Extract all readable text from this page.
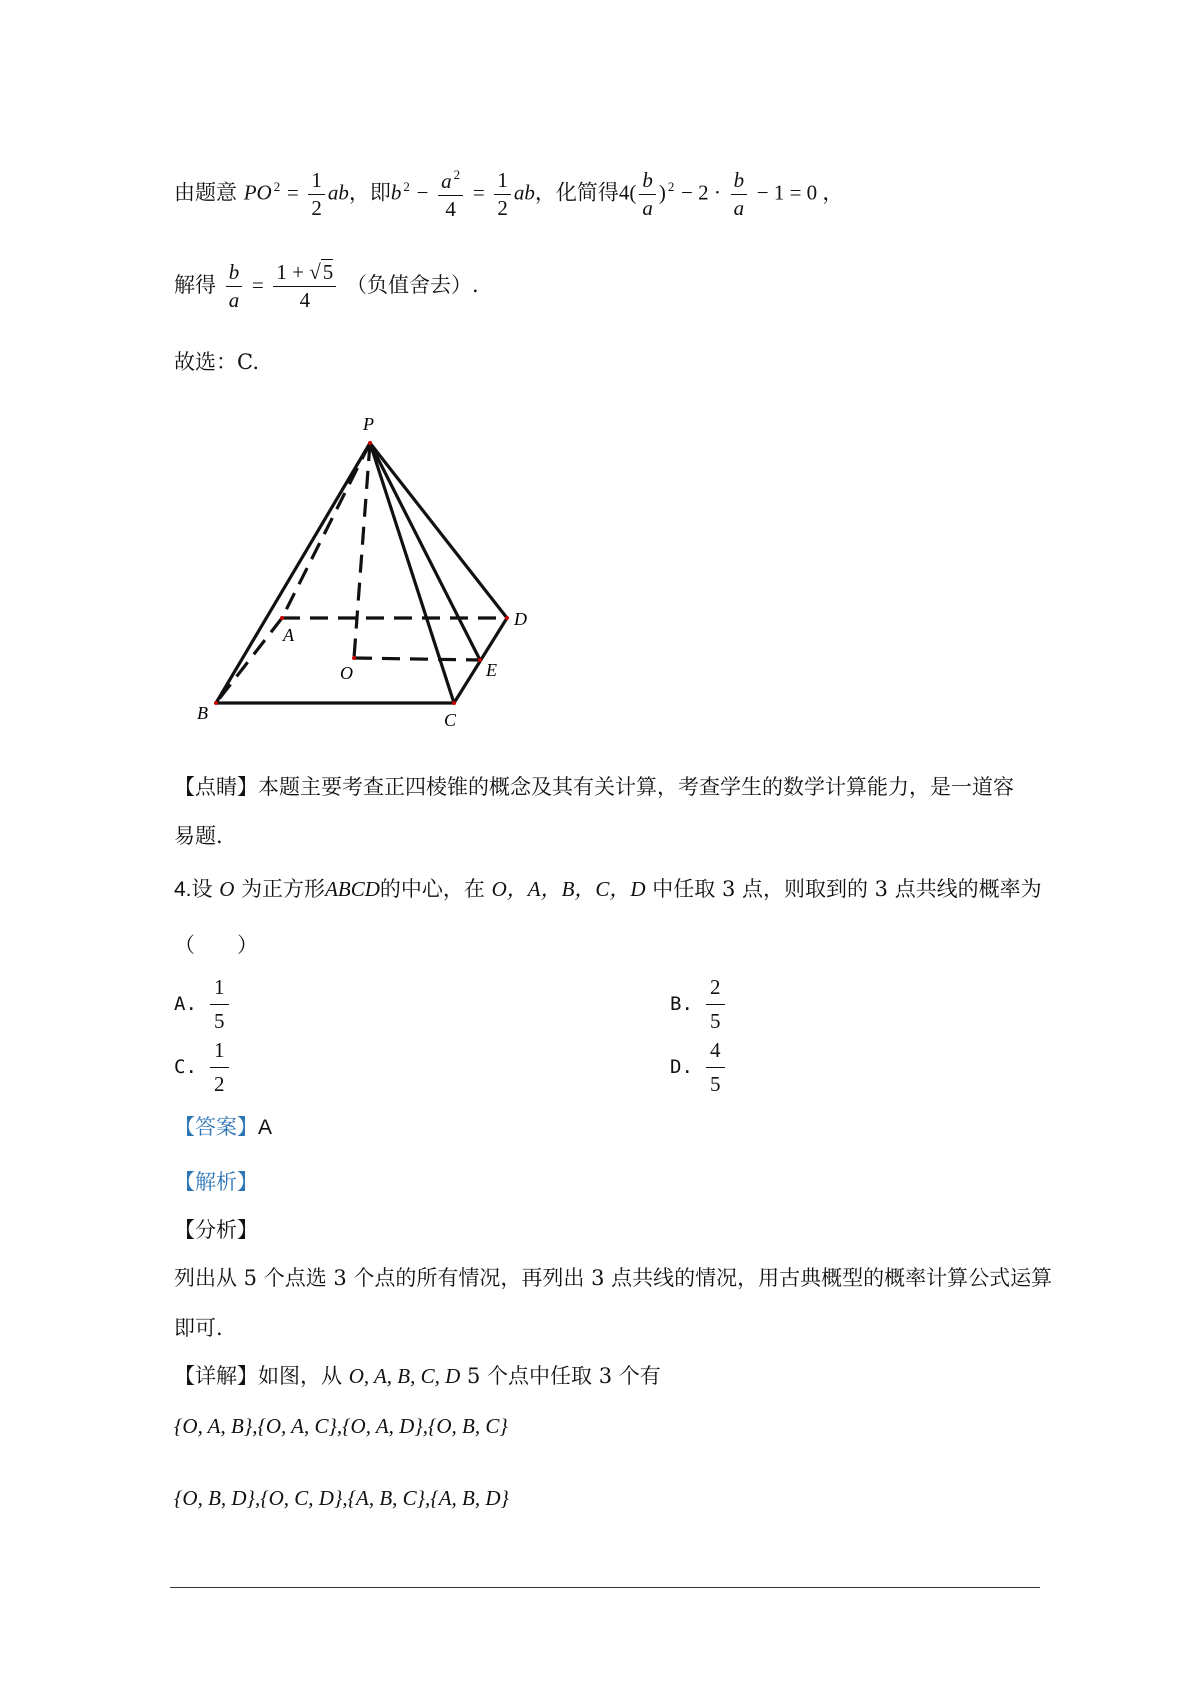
由题意 PO $^2 = \frac{1}{2}$ ab，即b $^2 - \frac{a ^2}{4} = \frac{1}{2}$ ab，化简得$4( \frac{b}{a}$ ) $^2 - 2 \cdot \frac{b}{a} - 1 = 0$ ，
解得 $\frac{b}{a} = \frac{1 + √5}{4}$ （负值舍去）.
故选：C.
P
A
D
O	E
B	C
【点睛】本题主要考查正四棱锥的概念及其有关计算，考查学生的数学计算能力，是一道容
易题.
4.设 O 为正方形ABCD的中心，在 O，A，B，C，D 中任取 3 点，则取到的 3 点共线的概率为
（　　）
A. $\frac{1}{5}$	B. $\frac{2}{5}$
C. $\frac{1}{2}$	D. $\frac{4}{5}$
【答案】A
【解析】
【分析】
列出从 5 个点选 3 个点的所有情况，再列出 3 点共线的情况，用古典概型的概率计算公式运算
即可.
【详解】如图，从 O, A, B, C, D 5 个点中任取 3 个有
{O, A, B},{O, A, C},{O, A, D},{O, B, C}
{O, B, D},{O, C, D},{A, B, C},{A, B, D}
